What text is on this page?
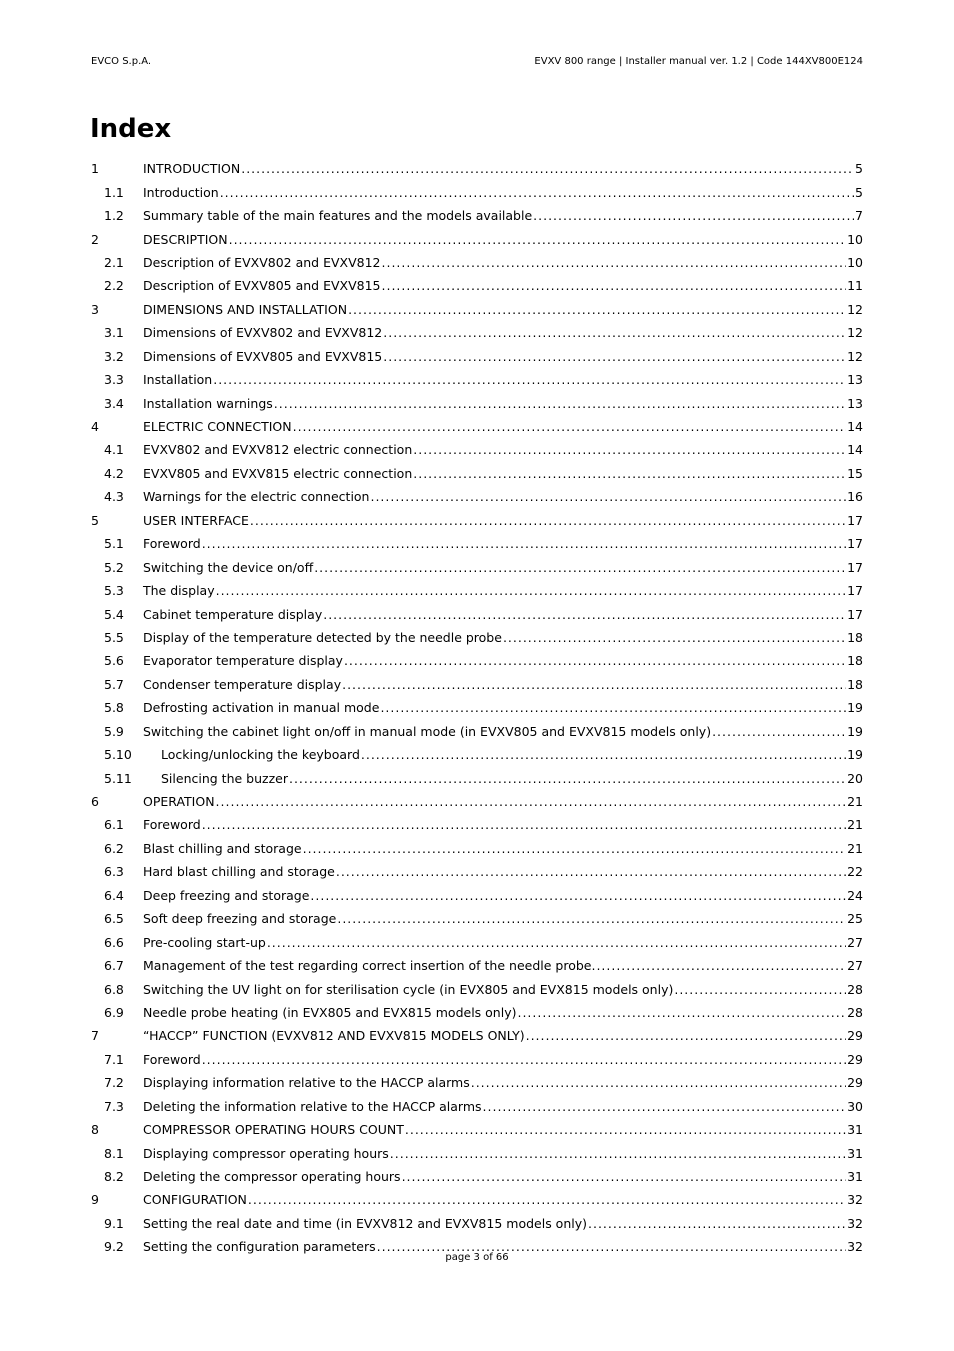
EVCO S.p.A.	EVXV 800 range | Installer manual ver. 1.2 | Code 144XV800E124
Index
1	INTRODUCTION .....	5
1.1	Introduction .....	5
1.2	Summary table of the main features and the models available .....	7
2	DESCRIPTION .....	10
2.1	Description of EVXV802 and EVXV812 .....	10
2.2	Description of EVXV805 and EVXV815 .....	11
3	DIMENSIONS AND INSTALLATION .....	12
3.1	Dimensions of EVXV802 and EVXV812 .....	12
3.2	Dimensions of EVXV805 and EVXV815 .....	12
3.3	Installation .....	13
3.4	Installation warnings .....	13
4	ELECTRIC CONNECTION .....	14
4.1	EVXV802 and EVXV812 electric connection .....	14
4.2	EVXV805 and EVXV815 electric connection .....	15
4.3	Warnings for the electric connection .....	16
5	USER INTERFACE .....	17
5.1	Foreword .....	17
5.2	Switching the device on/off .....	17
5.3	The display .....	17
5.4	Cabinet temperature display .....	17
5.5	Display of the temperature detected by the needle probe .....	18
5.6	Evaporator temperature display .....	18
5.7	Condenser temperature display .....	18
5.8	Defrosting activation in manual mode .....	19
5.9	Switching the cabinet light on/off in manual mode (in EVXV805 and EVXV815 models only) .....	19
5.10	Locking/unlocking the keyboard .....	19
5.11	Silencing the buzzer .....	20
6	OPERATION .....	21
6.1	Foreword .....	21
6.2	Blast chilling and storage .....	21
6.3	Hard blast chilling and storage .....	22
6.4	Deep freezing and storage .....	24
6.5	Soft deep freezing and storage .....	25
6.6	Pre-cooling start-up .....	27
6.7	Management of the test regarding correct insertion of the needle probe. .....	27
6.8	Switching the UV light on for sterilisation cycle (in EVX805 and EVX815 models only) .....	28
6.9	Needle probe heating (in EVX805 and EVX815 models only) .....	28
7	“HACCP” FUNCTION (EVXV812 AND EVXV815 MODELS ONLY) .....	29
7.1	Foreword .....	29
7.2	Displaying information relative to the HACCP alarms .....	29
7.3	Deleting the information relative to the HACCP alarms .....	30
8	COMPRESSOR OPERATING HOURS COUNT .....	31
8.1	Displaying compressor operating hours .....	31
8.2	Deleting the compressor operating hours .....	31
9	CONFIGURATION .....	32
9.1	Setting the real date and time (in EVXV812 and EVXV815 models only) .....	32
9.2	Setting the configuration parameters .....	32
page 3 of 66
